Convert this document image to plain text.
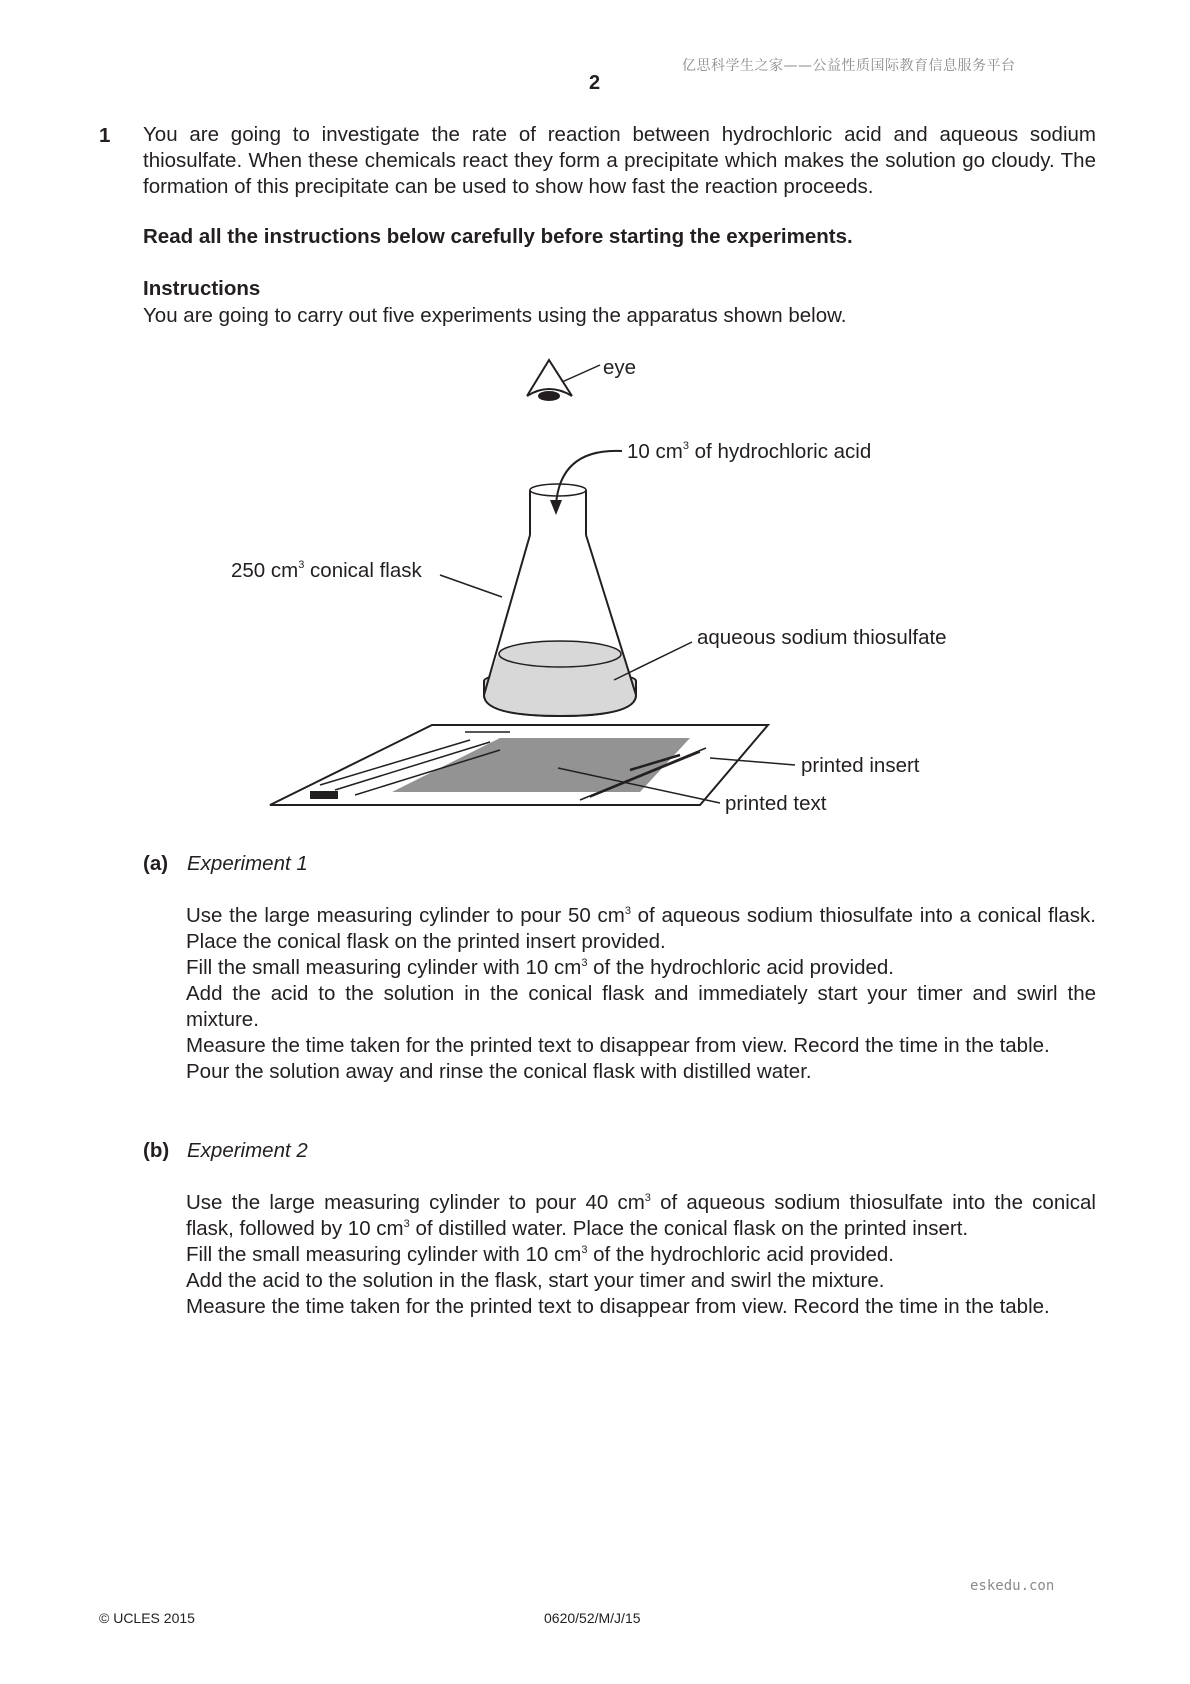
亿思科学生之家——公益性质国际教育信息服务平台
2
1 You are going to investigate the rate of reaction between hydrochloric acid and aqueous sodium thiosulfate. When these chemicals react they form a precipitate which makes the solution go cloudy. The formation of this precipitate can be used to show how fast the reaction proceeds.
Read all the instructions below carefully before starting the experiments.
Instructions
You are going to carry out five experiments using the apparatus shown below.
eye
10 $cm^3$ of hydrochloric acid
250 $cm^3$ conical flask
aqueous sodium thiosulfate
printed insert
printed text
(a) Experiment 1

Use the large measuring cylinder to pour 50 $cm^3$ of aqueous sodium thiosulfate into a conical flask. Place the conical flask on the printed insert provided.

Fill the small measuring cylinder with 10 $cm^3$ of the hydrochloric acid provided.

Add the acid to the solution in the conical flask and immediately start your timer and swirl the mixture.

Measure the time taken for the printed text to disappear from view. Record the time in the table.

Pour the solution away and rinse the conical flask with distilled water.

(b) Experiment 2

Use the large measuring cylinder to pour 40 $cm^3$ of aqueous sodium thiosulfate into the conical flask, followed by 10 $cm^3$ of distilled water. Place the conical flask on the printed insert.

Fill the small measuring cylinder with 10 $cm^3$ of the hydrochloric acid provided.

Add the acid to the solution in the flask, start your timer and swirl the mixture.

Measure the time taken for the printed text to disappear from view. Record the time in the table.

eskedu.con
© UCLES 2015	0620/52/M/J/15
